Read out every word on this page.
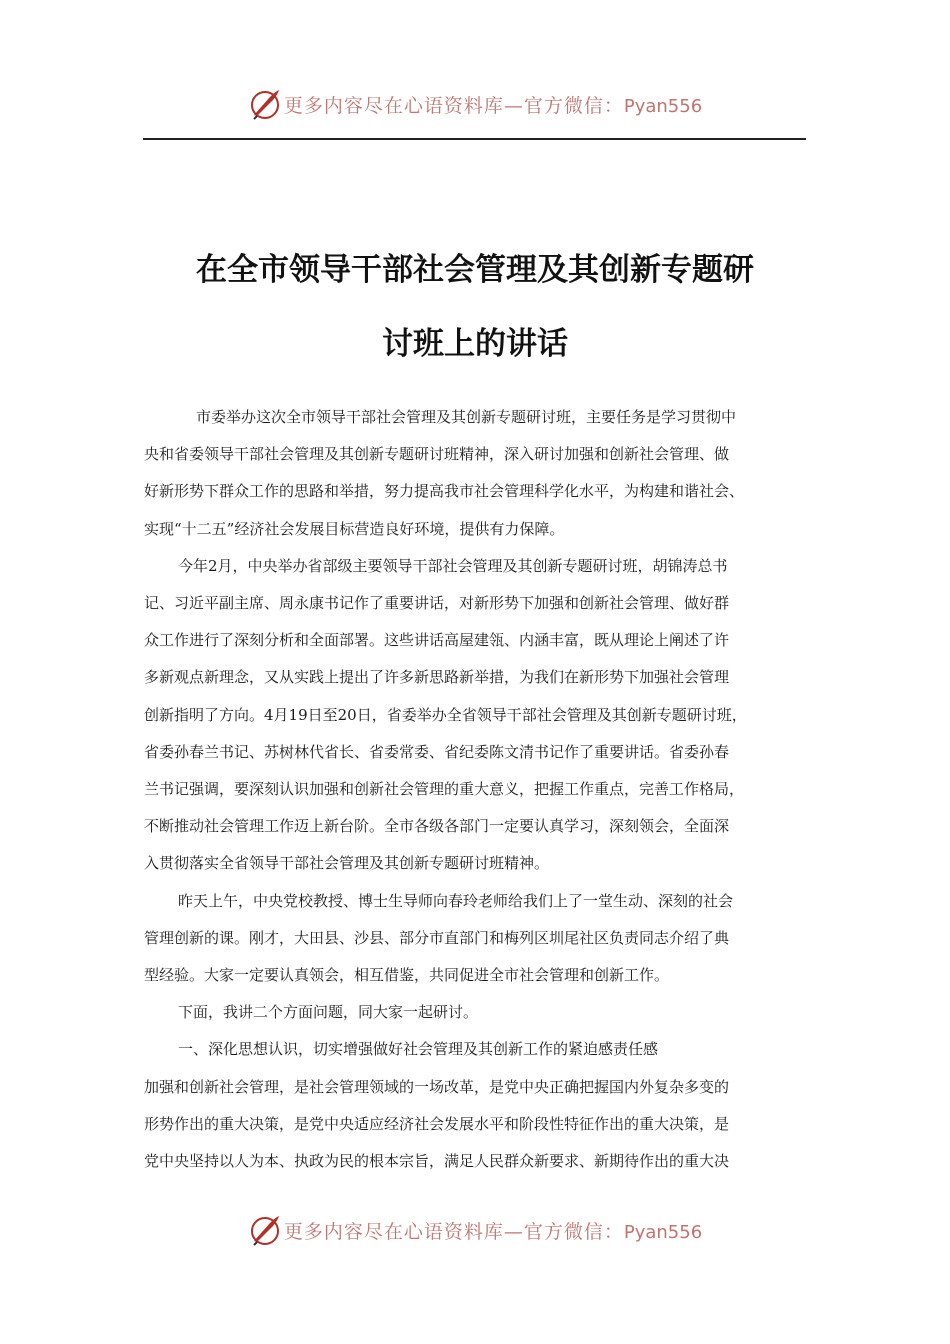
更多内容尽在心语资料库—官方微信：Pyan556
在全市领导干部社会管理及其创新专题研
讨班上的讲话

市委举办这次全市领导干部社会管理及其创新专题研讨班，主要任务是学习贯彻中

央和省委领导干部社会管理及其创新专题研讨班精神，深入研讨加强和创新社会管理、做

好新形势下群众工作的思路和举措，努力提高我市社会管理科学化水平，为构建和谐社会、

实现“十二五”经济社会发展目标营造良好环境，提供有力保障。

今年2月，中央举办省部级主要领导干部社会管理及其创新专题研讨班，胡锦涛总书

记、习近平副主席、周永康书记作了重要讲话，对新形势下加强和创新社会管理、做好群

众工作进行了深刻分析和全面部署。这些讲话高屋建瓴、内涵丰富，既从理论上阐述了许

多新观点新理念，又从实践上提出了许多新思路新举措，为我们在新形势下加强社会管理

创新指明了方向。4月19日至20日，省委举办全省领导干部社会管理及其创新专题研讨班，

省委孙春兰书记、苏树林代省长、省委常委、省纪委陈文清书记作了重要讲话。省委孙春

兰书记强调，要深刻认识加强和创新社会管理的重大意义，把握工作重点，完善工作格局，

不断推动社会管理工作迈上新台阶。全市各级各部门一定要认真学习，深刻领会，全面深

入贯彻落实全省领导干部社会管理及其创新专题研讨班精神。

昨天上午，中央党校教授、博士生导师向春玲老师给我们上了一堂生动、深刻的社会

管理创新的课。刚才，大田县、沙县、部分市直部门和梅列区圳尾社区负责同志介绍了典

型经验。大家一定要认真领会，相互借鉴，共同促进全市社会管理和创新工作。

下面，我讲二个方面问题，同大家一起研讨。

一、深化思想认识，切实增强做好社会管理及其创新工作的紧迫感责任感

加强和创新社会管理，是社会管理领域的一场改革，是党中央正确把握国内外复杂多变的

形势作出的重大决策，是党中央适应经济社会发展水平和阶段性特征作出的重大决策，是

党中央坚持以人为本、执政为民的根本宗旨，满足人民群众新要求、新期待作出的重大决

更多内容尽在心语资料库—官方微信：Pyan556
